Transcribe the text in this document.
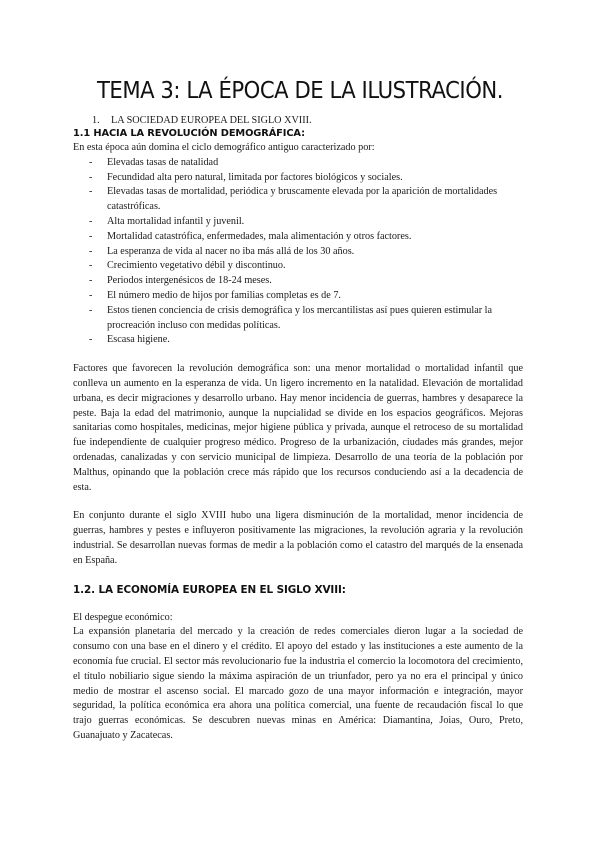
TEMA 3: LA ÉPOCA DE LA ILUSTRACIÓN.

1. LA SOCIEDAD EUROPEA DEL SIGLO XVIII.

1.1 HACIA LA REVOLUCIÓN DEMOGRÁFICA:

En esta época aún domina el ciclo demográfico antiguo caracterizado por:

- Elevadas tasas de natalidad
- Fecundidad alta pero natural, limitada por factores biológicos y sociales.
- Elevadas tasas de mortalidad, periódica y bruscamente elevada por la aparición de mortalidades catastróficas.
- Alta mortalidad infantil y juvenil.
- Mortalidad catastrófica, enfermedades, mala alimentación y otros factores.
- La esperanza de vida al nacer no iba más allá de los 30 años.
- Crecimiento vegetativo débil y discontinuo.
- Periodos intergenésicos de 18-24 meses.
- El número medio de hijos por familias completas es de 7.
- Estos tienen conciencia de crisis demográfica y los mercantilistas así pues quieren estimular la procreación incluso con medidas políticas.
- Escasa higiene.

Factores que favorecen la revolución demográfica son: una menor mortalidad o mortalidad infantil que conlleva un aumento en la esperanza de vida. Un ligero incremento en la natalidad. Elevación de mortalidad urbana, es decir migraciones y desarrollo urbano. Hay menor incidencia de guerras, hambres y desaparece la peste. Baja la edad del matrimonio, aunque la nupcialidad se divide en los espacios geográficos. Mejoras sanitarias como hospitales, medicinas, mejor higiene pública y privada, aunque el retroceso de su mortalidad fue independiente de cualquier progreso médico. Progreso de la urbanización, ciudades más grandes, mejor ordenadas, canalizadas y con servicio municipal de limpieza. Desarrollo de una teoría de la población por Malthus, opinando que la población crece más rápido que los recursos conduciendo así a la decadencia de esta.

En conjunto durante el siglo XVIII hubo una ligera disminución de la mortalidad, menor incidencia de guerras, hambres y pestes e influyeron positivamente las migraciones, la revolución agraria y la revolución industrial. Se desarrollan nuevas formas de medir a la población como el catastro del marqués de la ensenada en España.

1.2. LA ECONOMÍA EUROPEA EN EL SIGLO XVIII:

El despegue económico:

La expansión planetaria del mercado y la creación de redes comerciales dieron lugar a la sociedad de consumo con una base en el dinero y el crédito. El apoyo del estado y las instituciones a este aumento de la economía fue crucial. El sector más revolucionario fue la industria el comercio la locomotora del crecimiento, el título nobiliario sigue siendo la máxima aspiración de un triunfador, pero ya no era el principal y único medio de mostrar el ascenso social. El marcado gozo de una mayor información e integración, mayor seguridad, la política económica era ahora una política comercial, una fuente de recaudación fiscal lo que trajo guerras económicas. Se descubren nuevas minas en América: Diamantina, Joias, Ouro, Preto, Guanajuato y Zacatecas.
